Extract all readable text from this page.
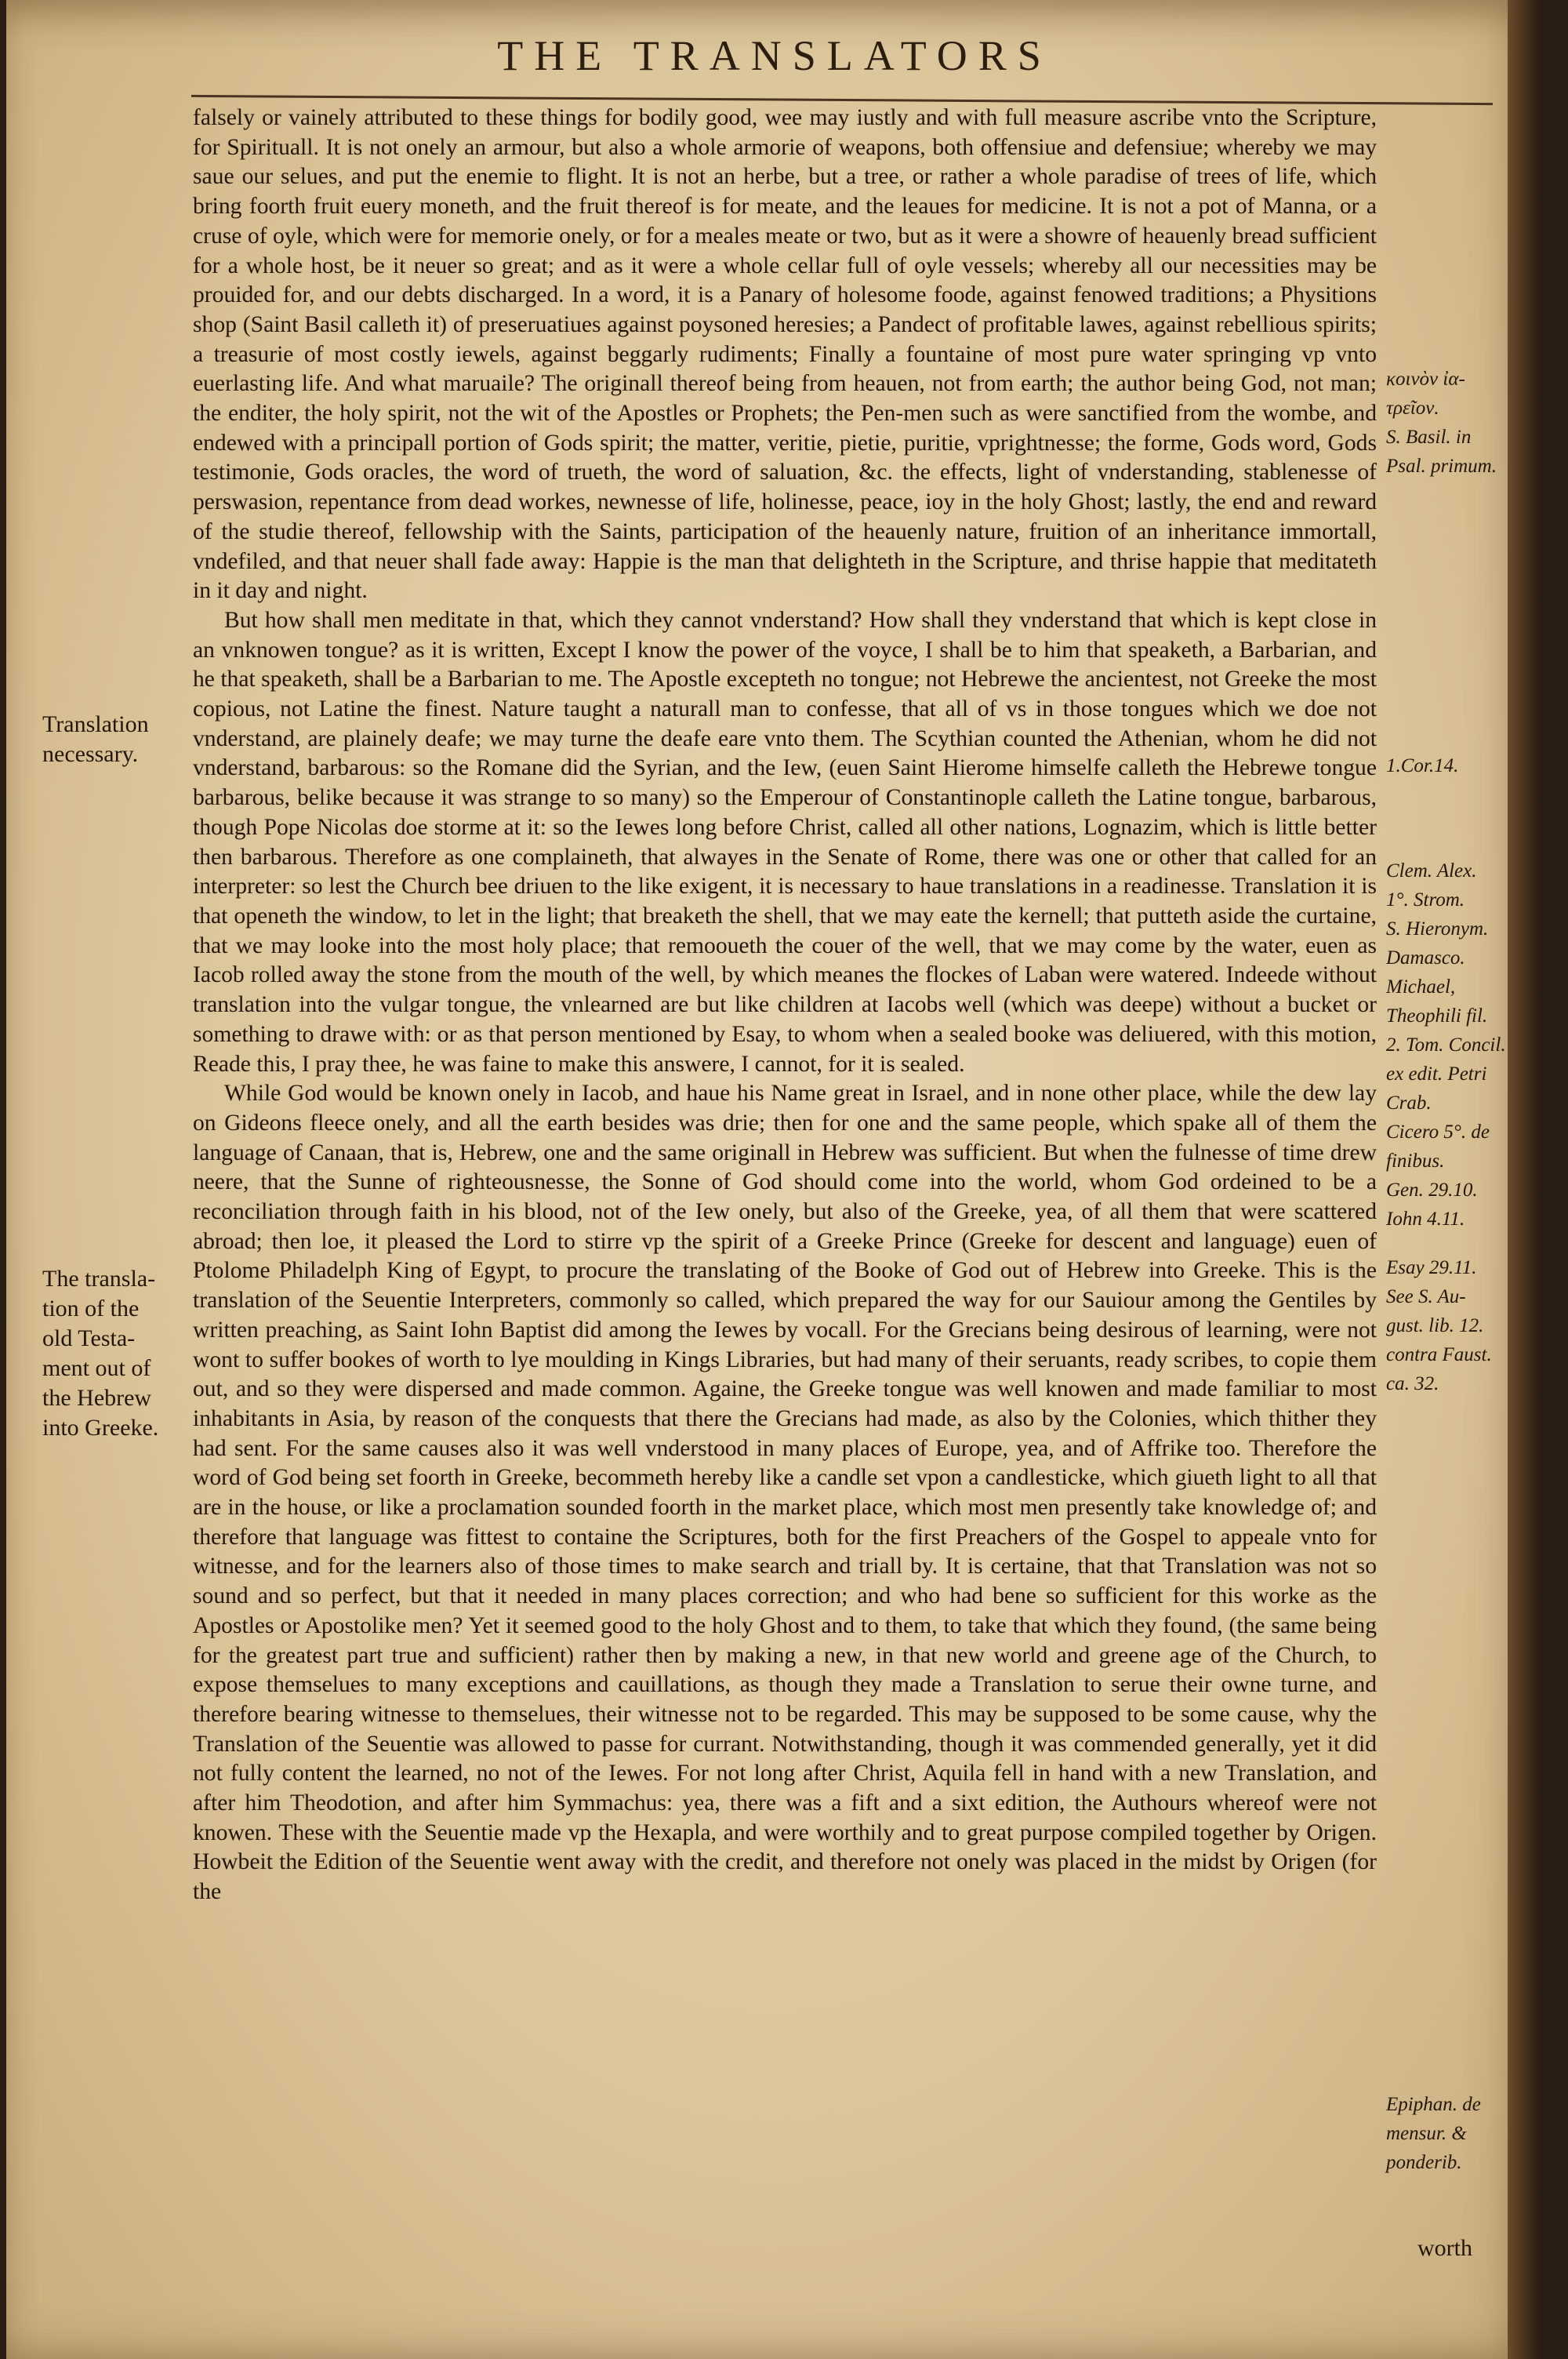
THE TRANSLATORS

falsely or vainely attributed to these things for bodily good, wee may iustly and with full measure ascribe vnto the Scripture, for Spirituall. It is not onely an armour, but also a whole armorie of weapons, both offensiue and defensiue; whereby we may saue our selues, and put the enemie to flight. It is not an herbe, but a tree, or rather a whole paradise of trees of life, which bring foorth fruit euery moneth, and the fruit thereof is for meate, and the leaues for medicine. It is not a pot of Manna, or a cruse of oyle, which were for memorie onely, or for a meales meate or two, but as it were a showre of heauenly bread sufficient for a whole host, be it neuer so great; and as it were a whole cellar full of oyle vessels; whereby all our necessities may be prouided for, and our debts discharged. In a word, it is a Panary of holesome foode, against fenowed traditions; a Physitions shop (Saint Basil calleth it) of preseruatiues against poysoned heresies; a Pandect of profitable lawes, against rebellious spirits; a treasurie of most costly iewels, against beggarly rudiments; Finally a fountaine of most pure water springing vp vnto euerlasting life. And what maruaile? The originall thereof being from heauen, not from earth; the author being God, not man; the enditer, the holy spirit, not the wit of the Apostles or Prophets; the Pen-men such as were sanctified from the wombe, and endewed with a principall portion of Gods spirit; the matter, veritie, pietie, puritie, vprightnesse; the forme, Gods word, Gods testimonie, Gods oracles, the word of trueth, the word of saluation, &c. the effects, light of vnderstanding, stablenesse of perswasion, repentance from dead workes, newnesse of life, holinesse, peace, ioy in the holy Ghost; lastly, the end and reward of the studie thereof, fellowship with the Saints, participation of the heauenly nature, fruition of an inheritance immortall, vndefiled, and that neuer shall fade away: Happie is the man that delighteth in the Scripture, and thrise happie that meditateth in it day and night.

But how shall men meditate in that, which they cannot vnderstand? How shall they vnderstand that which is kept close in an vnknowen tongue? as it is written, Except I know the power of the voyce, I shall be to him that speaketh, a Barbarian, and he that speaketh, shall be a Barbarian to me. The Apostle excepteth no tongue; not Hebrewe the ancientest, not Greeke the most copious, not Latine the finest. Nature taught a naturall man to confesse, that all of vs in those tongues which we doe not vnderstand, are plainely deafe; we may turne the deafe eare vnto them. The Scythian counted the Athenian, whom he did not vnderstand, barbarous: so the Romane did the Syrian, and the Iew, (euen Saint Hierome himselfe calleth the Hebrewe tongue barbarous, belike because it was strange to so many) so the Emperour of Constantinople calleth the Latine tongue, barbarous, though Pope Nicolas doe storme at it: so the Iewes long before Christ, called all other nations, Lognazim, which is little better then barbarous. Therefore as one complaineth, that alwayes in the Senate of Rome, there was one or other that called for an interpreter: so lest the Church bee driuen to the like exigent, it is necessary to haue translations in a readinesse. Translation it is that openeth the window, to let in the light; that breaketh the shell, that we may eate the kernell; that putteth aside the curtaine, that we may looke into the most holy place; that remooueth the couer of the well, that we may come by the water, euen as Iacob rolled away the stone from the mouth of the well, by which meanes the flockes of Laban were watered. Indeede without translation into the vulgar tongue, the vnlearned are but like children at Iacobs well (which was deepe) without a bucket or something to drawe with: or as that person mentioned by Esay, to whom when a sealed booke was deliuered, with this motion, Reade this, I pray thee, he was faine to make this answere, I cannot, for it is sealed.

While God would be known onely in Iacob, and haue his Name great in Israel, and in none other place, while the dew lay on Gideons fleece onely, and all the earth besides was drie; then for one and the same people, which spake all of them the language of Canaan, that is, Hebrew, one and the same originall in Hebrew was sufficient. But when the fulnesse of time drew neere, that the Sunne of righteousnesse, the Sonne of God should come into the world, whom God ordeined to be a reconciliation through faith in his blood, not of the Iew onely, but also of the Greeke, yea, of all them that were scattered abroad; then loe, it pleased the Lord to stirre vp the spirit of a Greeke Prince (Greeke for descent and language) euen of Ptolome Philadelph King of Egypt, to procure the translating of the Booke of God out of Hebrew into Greeke. This is the translation of the Seuentie Interpreters, commonly so called, which prepared the way for our Sauiour among the Gentiles by written preaching, as Saint Iohn Baptist did among the Iewes by vocall. For the Grecians being desirous of learning, were not wont to suffer bookes of worth to lye moulding in Kings Libraries, but had many of their seruants, ready scribes, to copie them out, and so they were dispersed and made common. Againe, the Greeke tongue was well knowen and made familiar to most inhabitants in Asia, by reason of the conquests that there the Grecians had made, as also by the Colonies, which thither they had sent. For the same causes also it was well vnderstood in many places of Europe, yea, and of Affrike too. Therefore the word of God being set foorth in Greeke, becommeth hereby like a candle set vpon a candlesticke, which giueth light to all that are in the house, or like a proclamation sounded foorth in the market place, which most men presently take knowledge of; and therefore that language was fittest to containe the Scriptures, both for the first Preachers of the Gospel to appeale vnto for witnesse, and for the learners also of those times to make search and triall by. It is certaine, that that Translation was not so sound and so perfect, but that it needed in many places correction; and who had bene so sufficient for this worke as the Apostles or Apostolike men? Yet it seemed good to the holy Ghost and to them, to take that which they found, (the same being for the greatest part true and sufficient) rather then by making a new, in that new world and greene age of the Church, to expose themselues to many exceptions and cauillations, as though they made a Translation to serue their owne turne, and therefore bearing witnesse to themselues, their witnesse not to be regarded. This may be supposed to be some cause, why the Translation of the Seuentie was allowed to passe for currant. Notwithstanding, though it was commended generally, yet it did not fully content the learned, no not of the Iewes. For not long after Christ, Aquila fell in hand with a new Translation, and after him Theodotion, and after him Symmachus: yea, there was a fift and a sixt edition, the Authours whereof were not knowen. These with the Seuentie made vp the Hexapla, and were worthily and to great purpose compiled together by Origen. Howbeit the Edition of the Seuentie went away with the credit, and therefore not onely was placed in the midst by Origen (for the

Translation
necessary.
The transla-
tion of the
old Testa-
ment out of
the Hebrew
into Greeke.
κοινὸν ἰα-
τρεῖον.
S. Basil. in
Psal. primum.
1.Cor.14.
Clem. Alex.
1°. Strom.
S. Hieronym.
Damasco.
Michael,
Theophili fil.
2. Tom. Concil.
ex edit. Petri
Crab.
Cicero 5°. de
finibus.
Gen. 29.10.
Iohn 4.11.
Esay 29.11.
See S. Au-
gust. lib. 12.
contra Faust.
ca. 32.
Epiphan. de
mensur. &
ponderib.
worth
